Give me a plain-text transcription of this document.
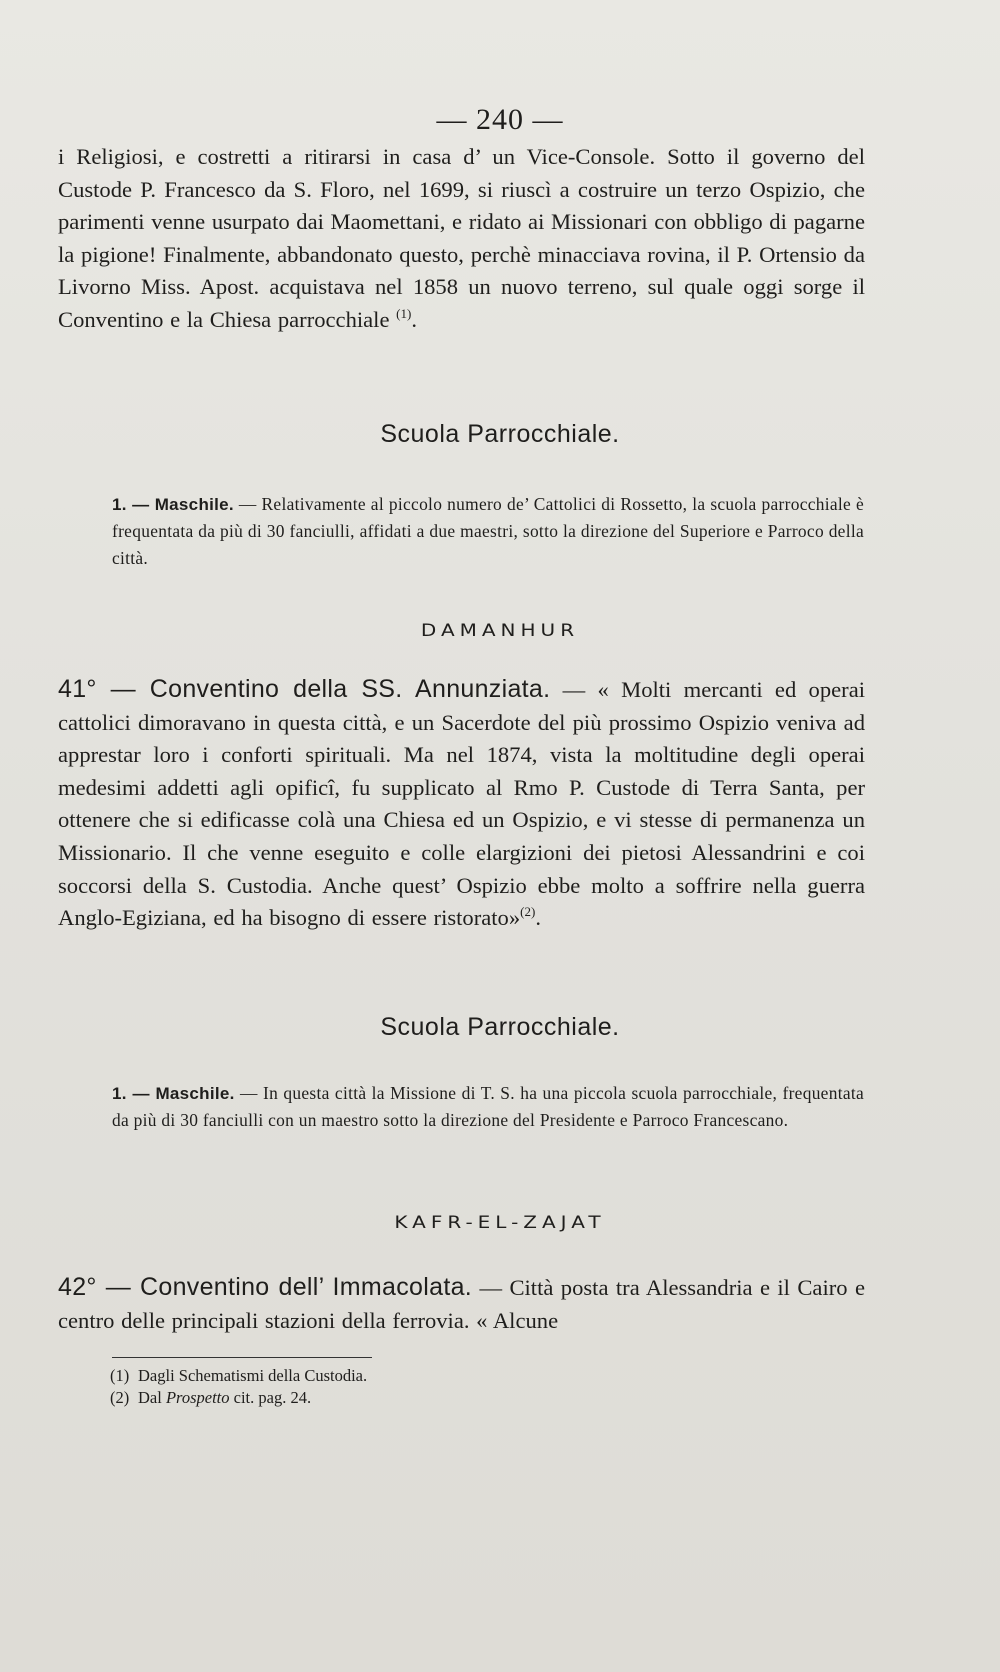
— 240 —

i Religiosi, e costretti a ritirarsi in casa d’ un Vice-Console. Sotto il governo del Custode P. Francesco da S. Floro, nel 1699, si riuscì a costruire un terzo Ospizio, che parimenti venne usurpato dai Maomettani, e ridato ai Missionari con obbligo di pagarne la pigione! Finalmente, abbandonato questo, perchè minacciava rovina, il P. Ortensio da Livorno Miss. Apost. acquistava nel 1858 un nuovo terreno, sul quale oggi sorge il Conventino e la Chiesa parrocchiale $^{(1)}$.

Scuola Parrocchiale.

1. — Maschile. — Relativamente al piccolo numero de’ Cattolici di Rossetto, la scuola parrocchiale è frequentata da più di 30 fanciulli, affidati a due maestri, sotto la direzione del Superiore e Parroco della città.

DAMANHUR

41° — Conventino della SS. Annunziata. — « Molti mercanti ed operai cattolici dimoravano in questa città, e un Sacerdote del più prossimo Ospizio veniva ad apprestar loro i conforti spirituali. Ma nel 1874, vista la moltitudine degli operai medesimi addetti agli opificî, fu supplicato al Rmo P. Custode di Terra Santa, per ottenere che si edificasse colà una Chiesa ed un Ospizio, e vi stesse di permanenza un Missionario. Il che venne eseguito e colle elargizioni dei pietosi Alessandrini e coi soccorsi della S. Custodia. Anche quest’ Ospizio ebbe molto a soffrire nella guerra Anglo-Egiziana, ed ha bisogno di essere ristorato»$^{(2)}$.

Scuola Parrocchiale.

1. — Maschile. — In questa città la Missione di T. S. ha una piccola scuola parrocchiale, frequentata da più di 30 fanciulli con un maestro sotto la direzione del Presidente e Parroco Francescano.

KAFR-EL-ZAJAT

42° — Conventino dell’ Immacolata. — Città posta tra Alessandria e il Cairo e centro delle principali stazioni della ferrovia. « Alcune

(1) Dagli Schematismi della Custodia.
(2) Dal Prospetto cit. pag. 24.
